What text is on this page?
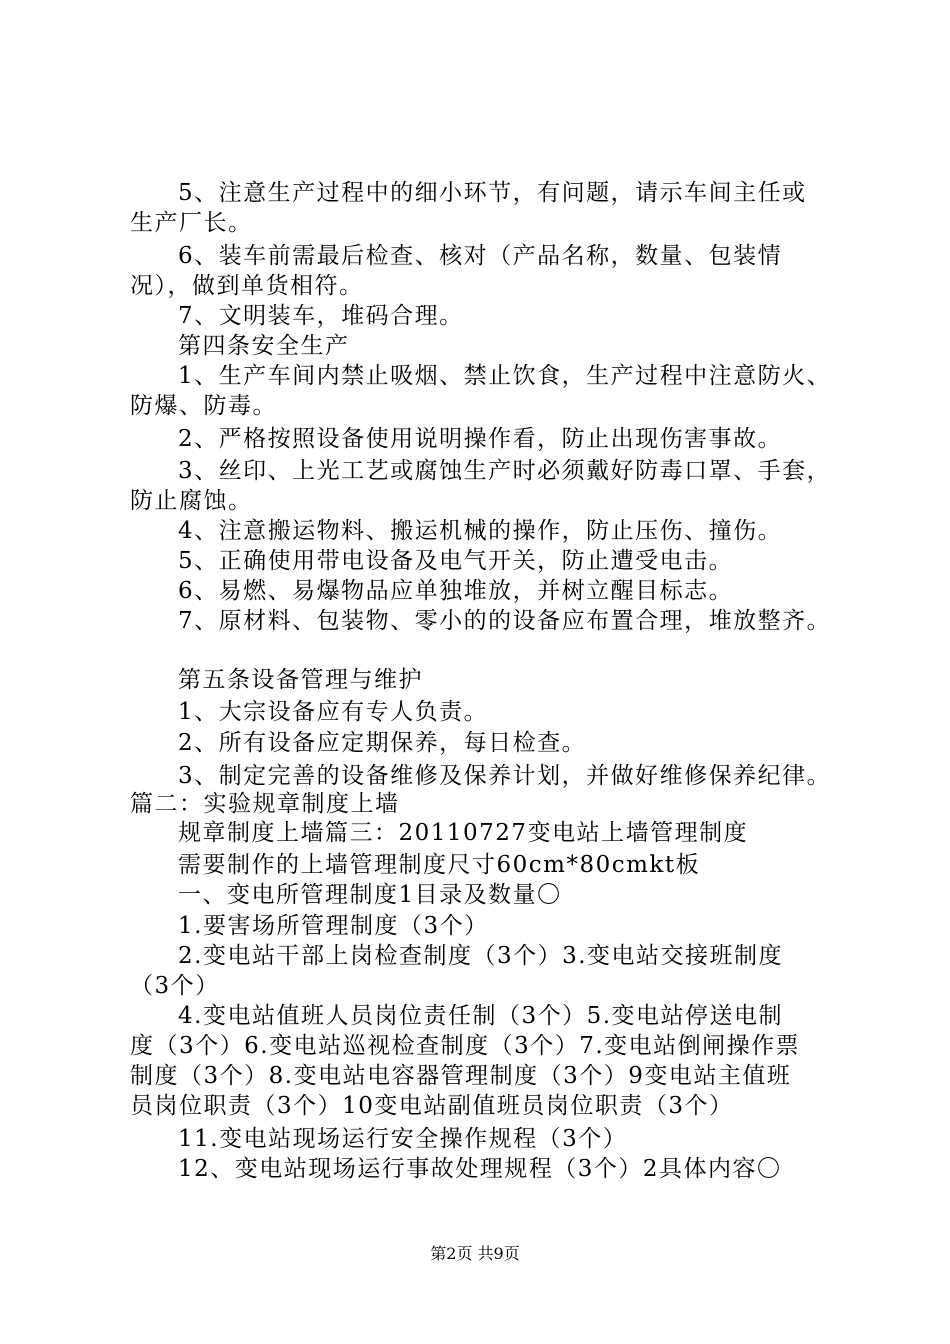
5、注意生产过程中的细小环节，有问题，请示车间主任或
生产厂长。
6、装车前需最后检查、核对（产品名称，数量、包装情
况），做到单货相符。
7、文明装车，堆码合理。
第四条安全生产
1、生产车间内禁止吸烟、禁止饮食，生产过程中注意防火、
防爆、防毒。
2、严格按照设备使用说明操作看，防止出现伤害事故。
3、丝印、上光工艺或腐蚀生产时必须戴好防毒口罩、手套，
防止腐蚀。
4、注意搬运物料、搬运机械的操作，防止压伤、撞伤。
5、正确使用带电设备及电气开关，防止遭受电击。
6、易燃、易爆物品应单独堆放，并树立醒目标志。
7、原材料、包装物、零小的的设备应布置合理，堆放整齐。
第五条设备管理与维护
1、大宗设备应有专人负责。
2、所有设备应定期保养，每日检查。
3、制定完善的设备维修及保养计划，并做好维修保养纪律。
篇二：实验规章制度上墙
规章制度上墙篇三：20110727变电站上墙管理制度
需要制作的上墙管理制度尺寸60cm*80cmkt板
一、变电所管理制度1目录及数量〇
1.要害场所管理制度（3个）
2.变电站干部上岗检查制度（3个）3.变电站交接班制度
（3个）
4.变电站值班人员岗位责任制（3个）5.变电站停送电制
度（3个）6.变电站巡视检查制度（3个）7.变电站倒闸操作票
制度（3个）8.变电站电容器管理制度（3个）9变电站主值班
员岗位职责（3个）10变电站副值班员岗位职责（3个）
11.变电站现场运行安全操作规程（3个）
12、变电站现场运行事故处理规程（3个）2具体内容〇
第2页 共9页
